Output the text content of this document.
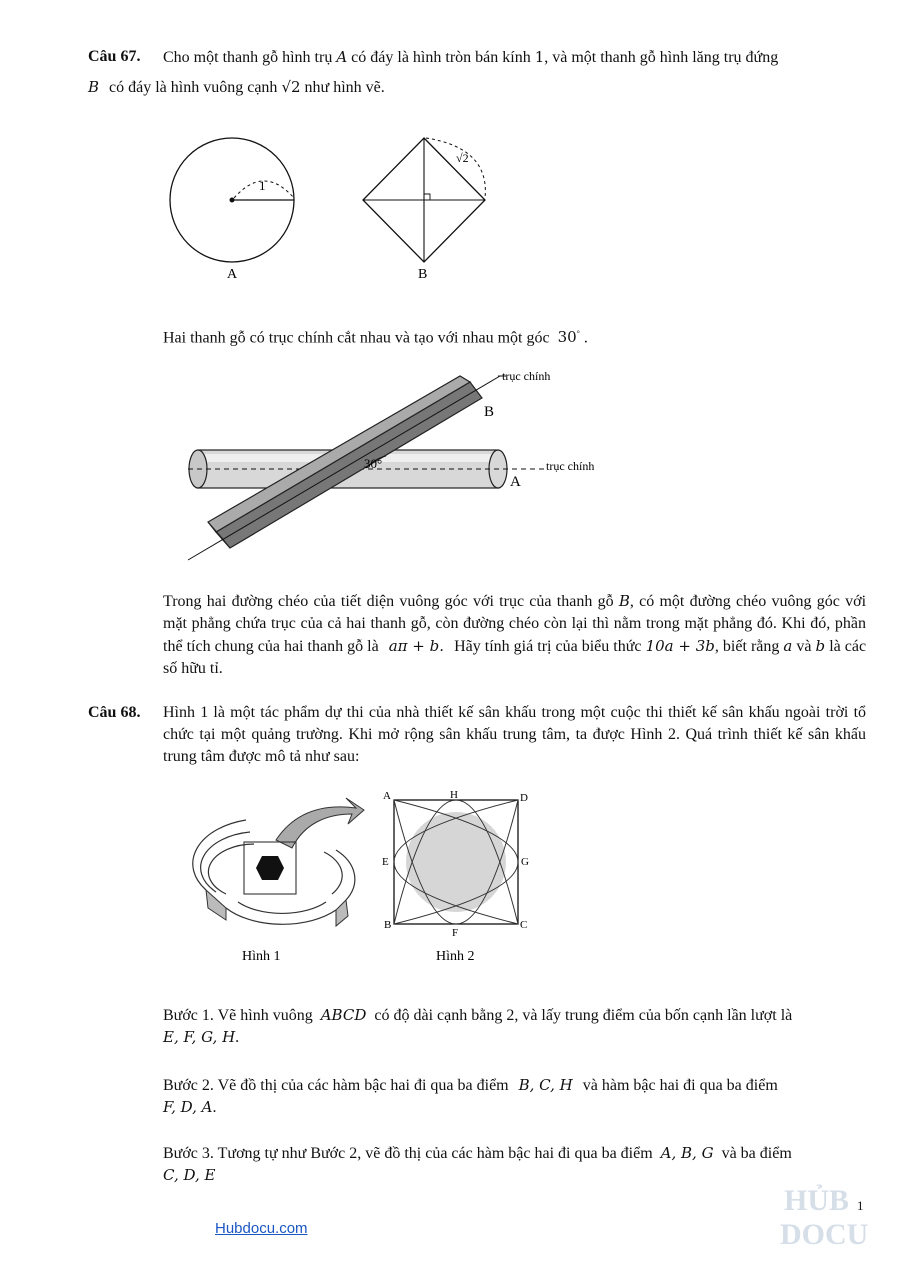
Câu 67. Cho một thanh gỗ hình trụ A có đáy là hình tròn bán kính 1, và một thanh gỗ hình lăng trụ đứng
B có đáy là hình vuông cạnh √2 như hình vẽ.
1
A
√2
B
Hai thanh gỗ có trục chính cắt nhau và tạo với nhau một góc 30° .
30°
trục chính
trục chính
B
A
Trong hai đường chéo của tiết diện vuông góc với trục của thanh gỗ B, có một đường chéo vuông góc với mặt phẳng chứa trục của cả hai thanh gỗ, còn đường chéo còn lại thì nằm trong mặt phẳng đó. Khi đó, phần thể tích chung của hai thanh gỗ là aπ + b. Hãy tính giá trị của biểu thức 10a + 3b, biết rằng a và b là các số hữu tỉ.
Câu 68. Hình 1 là một tác phẩm dự thi của nhà thiết kế sân khấu trong một cuộc thi thiết kế sân khấu ngoài trời tổ chức tại một quảng trường. Khi mở rộng sân khấu trung tâm, ta được Hình 2. Quá trình thiết kế sân khấu trung tâm được mô tả như sau:
Hình 1
A	H	D
E	G
B
F
C
Hình 2
Bước 1. Vẽ hình vuông ABCD có độ dài cạnh bằng 2, và lấy trung điểm của bốn cạnh lần lượt là
E, F, G, H.
Bước 2. Vẽ đồ thị của các hàm bậc hai đi qua ba điểm B, C, H và hàm bậc hai đi qua ba điểm
F, D, A.
Bước 3. Tương tự như Bước 2, vẽ đồ thị của các hàm bậc hai đi qua ba điểm A, B, G và ba điểm
C, D, E
1
HỦB
DOCU
Hubdocu.com
